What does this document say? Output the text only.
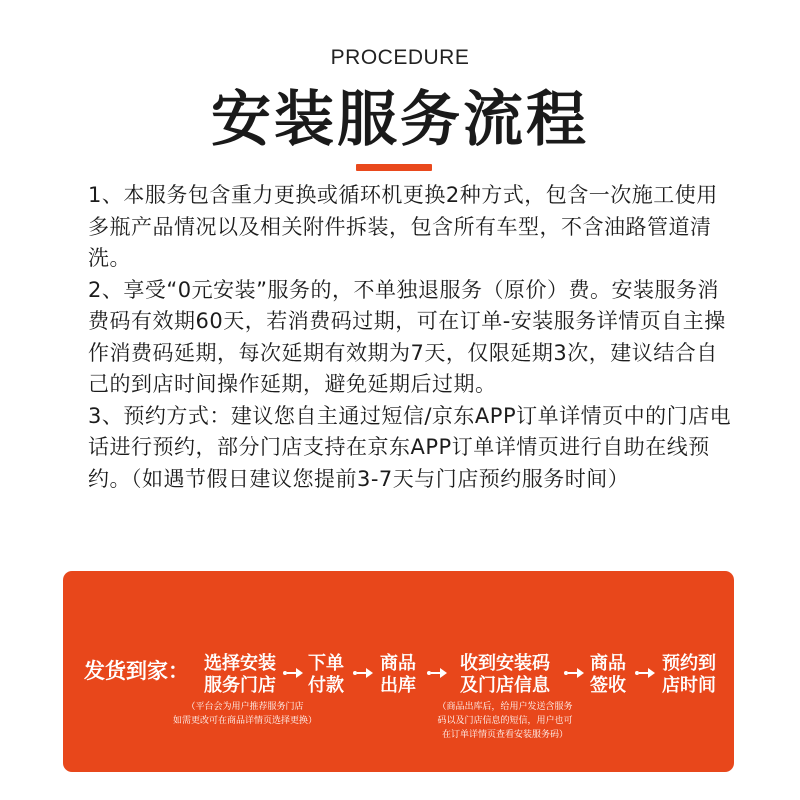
PROCEDURE
安装服务流程

1、本服务包含重力更换或循环机更换2种方式，包含一次施工使用多瓶产品情况以及相关附件拆装，包含所有车型，不含油路管道清洗。

2、享受“0元安装”服务的，不单独退服务（原价）费。安装服务消费码有效期60天，若消费码过期，可在订单-安装服务详情页自主操作消费码延期，每次延期有效期为7天，仅限延期3次，建议结合自己的到店时间操作延期，避免延期后过期。

3、预约方式：建议您自主通过短信/京东APP订单详情页中的门店电话进行预约，部分门店支持在京东APP订单详情页进行自助在线预约。（如遇节假日建议您提前3-7天与门店预约服务时间）

发货到家： 选择安装
服务门店
下单
付款
商品
出库
收到安装码
及门店信息
商品
签收
预约到
店时间
（平台会为用户推荐服务门店
如需更改可在商品详情页选择更换）
（商品出库后，给用户发送含服务
码以及门店信息的短信，用户也可
在订单详情页查看安装服务码）
